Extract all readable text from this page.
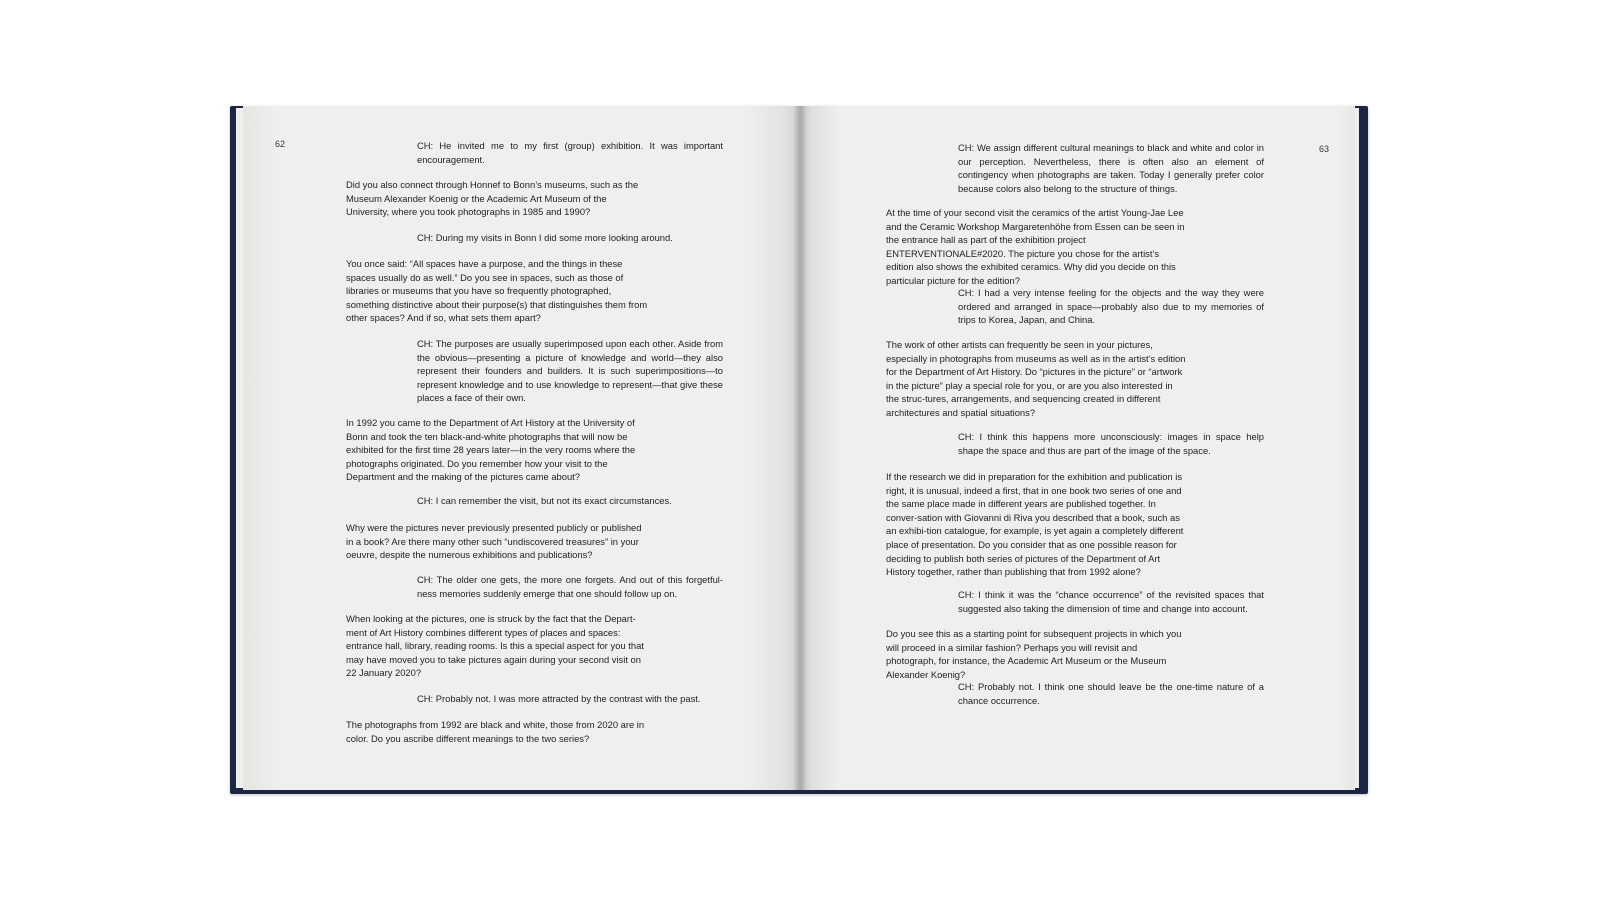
62	CH: He invited me to my first (group) exhibition. It was important encouragement.

Did you also connect through Honnef to Bonn’s museums, such as the Museum Alexander Koenig or the Academic Art Museum of the University, where you took photographs in 1985 and 1990?

CH: During my visits in Bonn I did some more looking around.

You once said: “All spaces have a purpose, and the things in these spaces usually do as well.” Do you see in spaces, such as those of libraries or museums that you have so frequently photographed, something distinctive about their purpose(s) that distinguishes them from other spaces? And if so, what sets them apart?

CH: The purposes are usually superimposed upon each other. Aside from the obvious—presenting a picture of knowledge and world—they also represent their founders and builders. It is such superimpositions—to represent knowledge and to use knowledge to represent—that give these places a face of their own.

In 1992 you came to the Department of Art History at the University of Bonn and took the ten black-and-white photographs that will now be exhibited for the first time 28 years later—in the very rooms where the photographs originated. Do you remember how your visit to the Department and the making of the pictures came about?

CH: I can remember the visit, but not its exact circumstances.

Why were the pictures never previously presented publicly or published in a book? Are there many other such “undiscovered treasures” in your oeuvre, despite the numerous exhibitions and publications?

CH: The older one gets, the more one forgets. And out of this forgetful-ness memories suddenly emerge that one should follow up on.

When looking at the pictures, one is struck by the fact that the Depart-ment of Art History combines different types of places and spaces: entrance hall, library, reading rooms. Is this a special aspect for you that may have moved you to take pictures again during your second visit on 22 January 2020?

CH: Probably not. I was more attracted by the contrast with the past.

The photographs from 1992 are black and white, those from 2020 are in color. Do you ascribe different meanings to the two series?

63

CH: We assign different cultural meanings to black and white and color in our perception. Nevertheless, there is often also an element of contingency when photographs are taken. Today I generally prefer color because colors also belong to the structure of things.

At the time of your second visit the ceramics of the artist Young-Jae Lee and the Ceramic Workshop Margaretenhöhe from Essen can be seen in the entrance hall as part of the exhibition project ENTERVENTIONALE#2020. The picture you chose for the artist’s edition also shows the exhibited ceramics. Why did you decide on this particular picture for the edition?

CH: I had a very intense feeling for the objects and the way they were ordered and arranged in space—probably also due to my memories of trips to Korea, Japan, and China.

The work of other artists can frequently be seen in your pictures, especially in photographs from museums as well as in the artist’s edition for the Department of Art History. Do “pictures in the picture” or “artwork in the picture” play a special role for you, or are you also interested in the struc-tures, arrangements, and sequencing created in different architectures and spatial situations?

CH: I think this happens more unconsciously: images in space help shape the space and thus are part of the image of the space.

If the research we did in preparation for the exhibition and publication is right, it is unusual, indeed a first, that in one book two series of one and the same place made in different years are published together. In conver-sation with Giovanni di Riva you described that a book, such as an exhibi-tion catalogue, for example, is yet again a completely different place of presentation. Do you consider that as one possible reason for deciding to publish both series of pictures of the Department of Art History together, rather than publishing that from 1992 alone?

CH: I think it was the “chance occurrence” of the revisited spaces that suggested also taking the dimension of time and change into account.

Do you see this as a starting point for subsequent projects in which you will proceed in a similar fashion? Perhaps you will revisit and photograph, for instance, the Academic Art Museum or the Museum Alexander Koenig?

CH: Probably not. I think one should leave be the one-time nature of a chance occurrence.
